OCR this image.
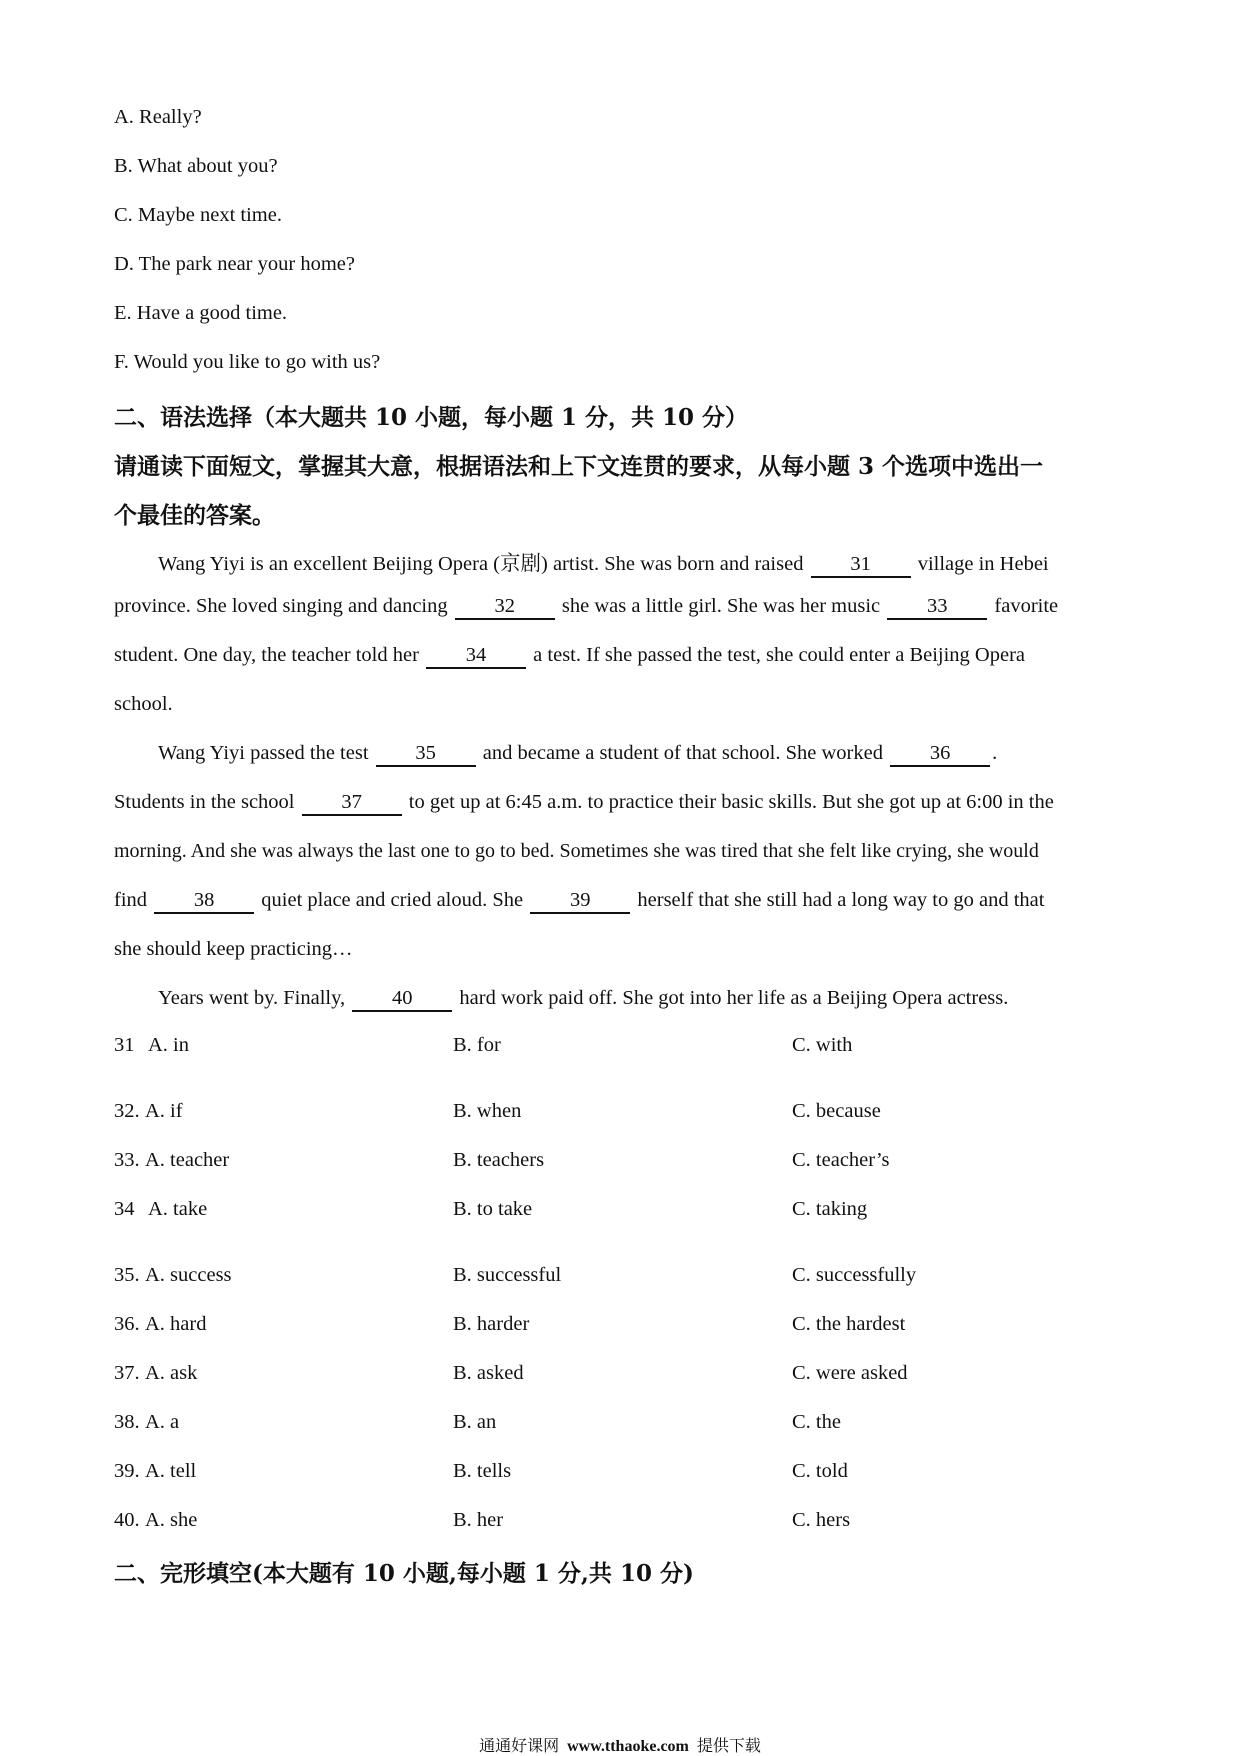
A. Really?
B. What about you?
C. Maybe next time.
D. The park near your home?
E. Have a good time.
F. Would you like to go with us?
二、语法选择（本大题共 10 小题，每小题 1 分，共 10 分）
请通读下面短文，掌握其大意，根据语法和上下文连贯的要求，从每小题 3 个选项中选出一
个最佳的答案。
Wang Yiyi is an excellent Beijing Opera (京剧) artist. She was born and raised 31 village in Hebei
province. She loved singing and dancing 32 she was a little girl. She was her music 33 favorite
student. One day, the teacher told her 34 a test. If she passed the test, she could enter a Beijing Opera
school.
Wang Yiyi passed the test 35 and became a student of that school. She worked 36 .
Students in the school 37 to get up at 6:45 a.m. to practice their basic skills. But she got up at 6:00 in the
morning. And she was always the last one to go to bed. Sometimes she was tired that she felt like crying, she would
find 38 quiet place and cried aloud. She 39 herself that she still had a long way to go and that
she should keep practicing…
Years went by. Finally, 40 hard work paid off. She got into her life as a Beijing Opera actress.
31 A. in	B. for	C. with
32. A. if	B. when	C. because
33. A. teacher	B. teachers	C. teacher’s
34 A. take	B. to take	C. taking
35. A. success	B. successful	C. successfully
36. A. hard	B. harder	C. the hardest
37. A. ask	B. asked	C. were asked
38. A. a	B. an	C. the
39. A. tell	B. tells	C. told
40. A. she	B. her	C. hers
二、完形填空(本大题有 10 小题,每小题 1 分,共 10 分)
通通好课网 www.tthaoke.com 提供下载
